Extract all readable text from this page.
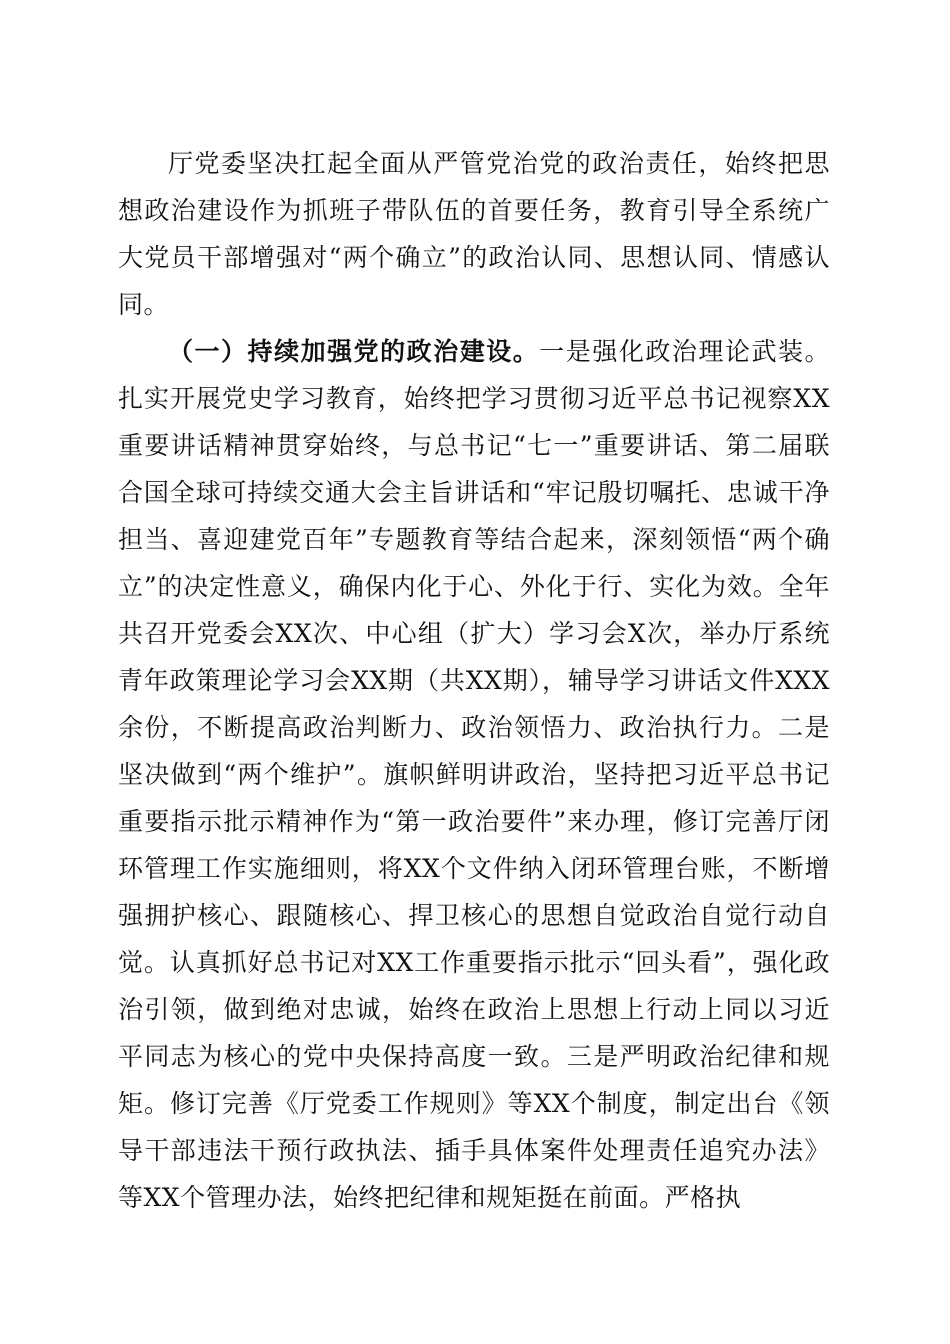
厅党委坚决扛起全面从严管党治党的政治责任，始终把思想政治建设作为抓班子带队伍的首要任务，教育引导全系统广大党员干部增强对“两个确立”的政治认同、思想认同、情感认同。

（一）持续加强党的政治建设。一是强化政治理论武装。扎实开展党史学习教育，始终把学习贯彻习近平总书记视察XX重要讲话精神贯穿始终，与总书记“七一”重要讲话、第二届联合国全球可持续交通大会主旨讲话和“牢记殷切嘱托、忠诚干净担当、喜迎建党百年”专题教育等结合起来，深刻领悟“两个确立”的决定性意义，确保内化于心、外化于行、实化为效。全年共召开党委会XX次、中心组（扩大）学习会X次，举办厅系统青年政策理论学习会XX期（共XX期），辅导学习讲话文件XXX余份，不断提高政治判断力、政治领悟力、政治执行力。二是坚决做到“两个维护”。旗帜鲜明讲政治，坚持把习近平总书记重要指示批示精神作为“第一政治要件”来办理，修订完善厅闭环管理工作实施细则，将XX个文件纳入闭环管理台账，不断增强拥护核心、跟随核心、捍卫核心的思想自觉政治自觉行动自觉。认真抓好总书记对XX工作重要指示批示“回头看”，强化政治引领，做到绝对忠诚，始终在政治上思想上行动上同以习近平同志为核心的党中央保持高度一致。三是严明政治纪律和规矩。修订完善《厅党委工作规则》等XX个制度，制定出台《领导干部违法干预行政执法、插手具体案件处理责任追究办法》等XX个管理办法，始终把纪律和规矩挺在前面。严格执
